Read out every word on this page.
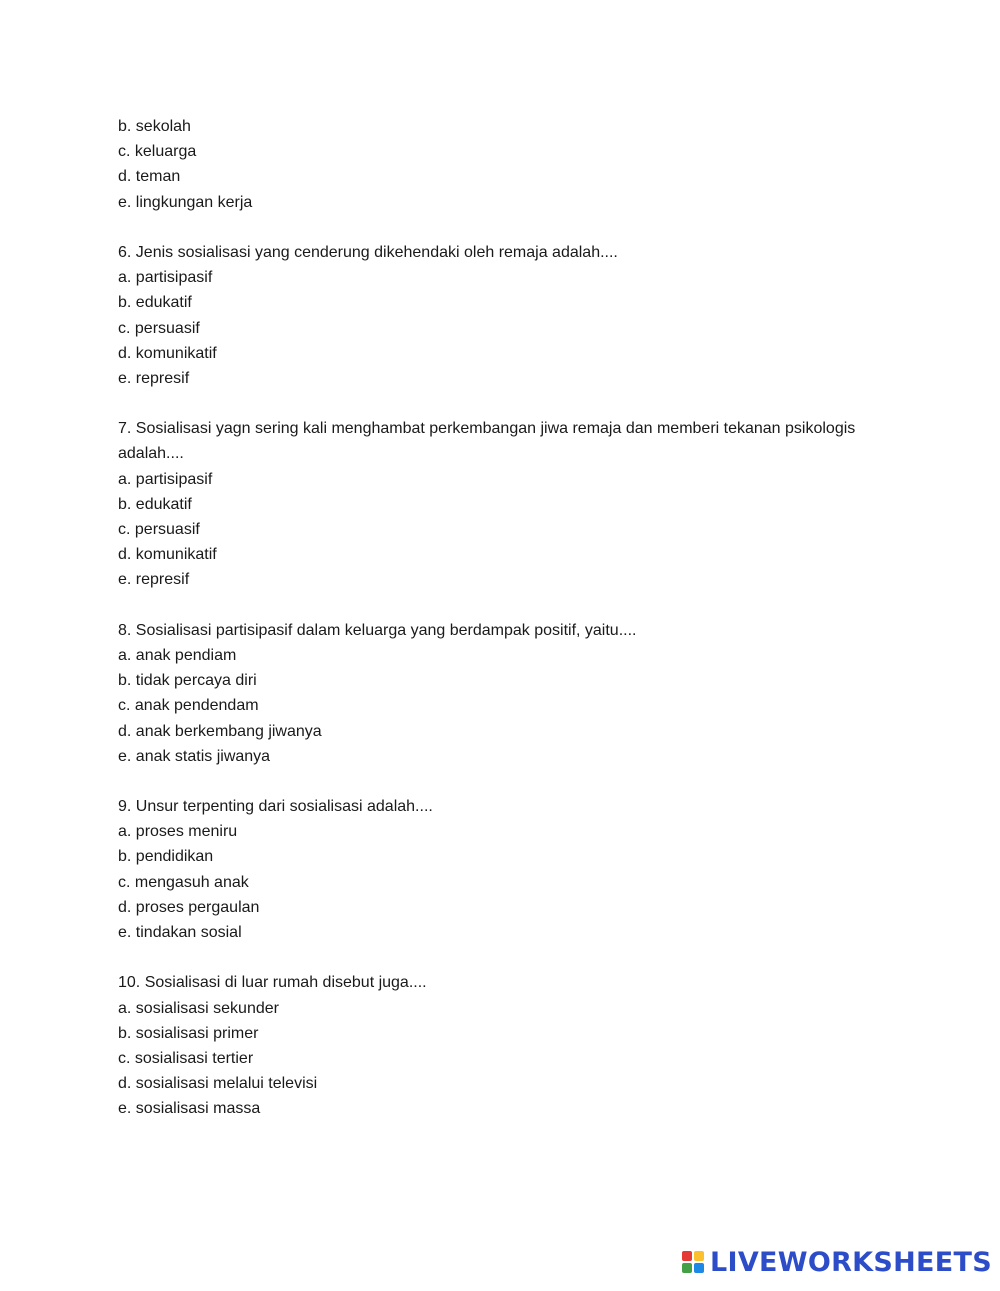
b. sekolah
c. keluarga
d. teman
e. lingkungan kerja
6. Jenis sosialisasi yang cenderung dikehendaki oleh remaja adalah....
a. partisipasif
b. edukatif
c. persuasif
d. komunikatif
e. represif
7. Sosialisasi yagn sering kali menghambat perkembangan jiwa remaja dan memberi tekanan psikologis adalah....
a. partisipasif
b. edukatif
c. persuasif
d. komunikatif
e. represif
8. Sosialisasi partisipasif dalam keluarga yang berdampak positif, yaitu....
a. anak pendiam
b. tidak percaya diri
c. anak pendendam
d. anak berkembang jiwanya
e. anak statis jiwanya
9. Unsur terpenting dari sosialisasi adalah....
a. proses meniru
b. pendidikan
c. mengasuh anak
d. proses pergaulan
e. tindakan sosial
10. Sosialisasi di luar rumah disebut juga....
a. sosialisasi sekunder
b. sosialisasi primer
c. sosialisasi tertier
d. sosialisasi melalui televisi
e. sosialisasi massa
LIVEWORKSHEETS
